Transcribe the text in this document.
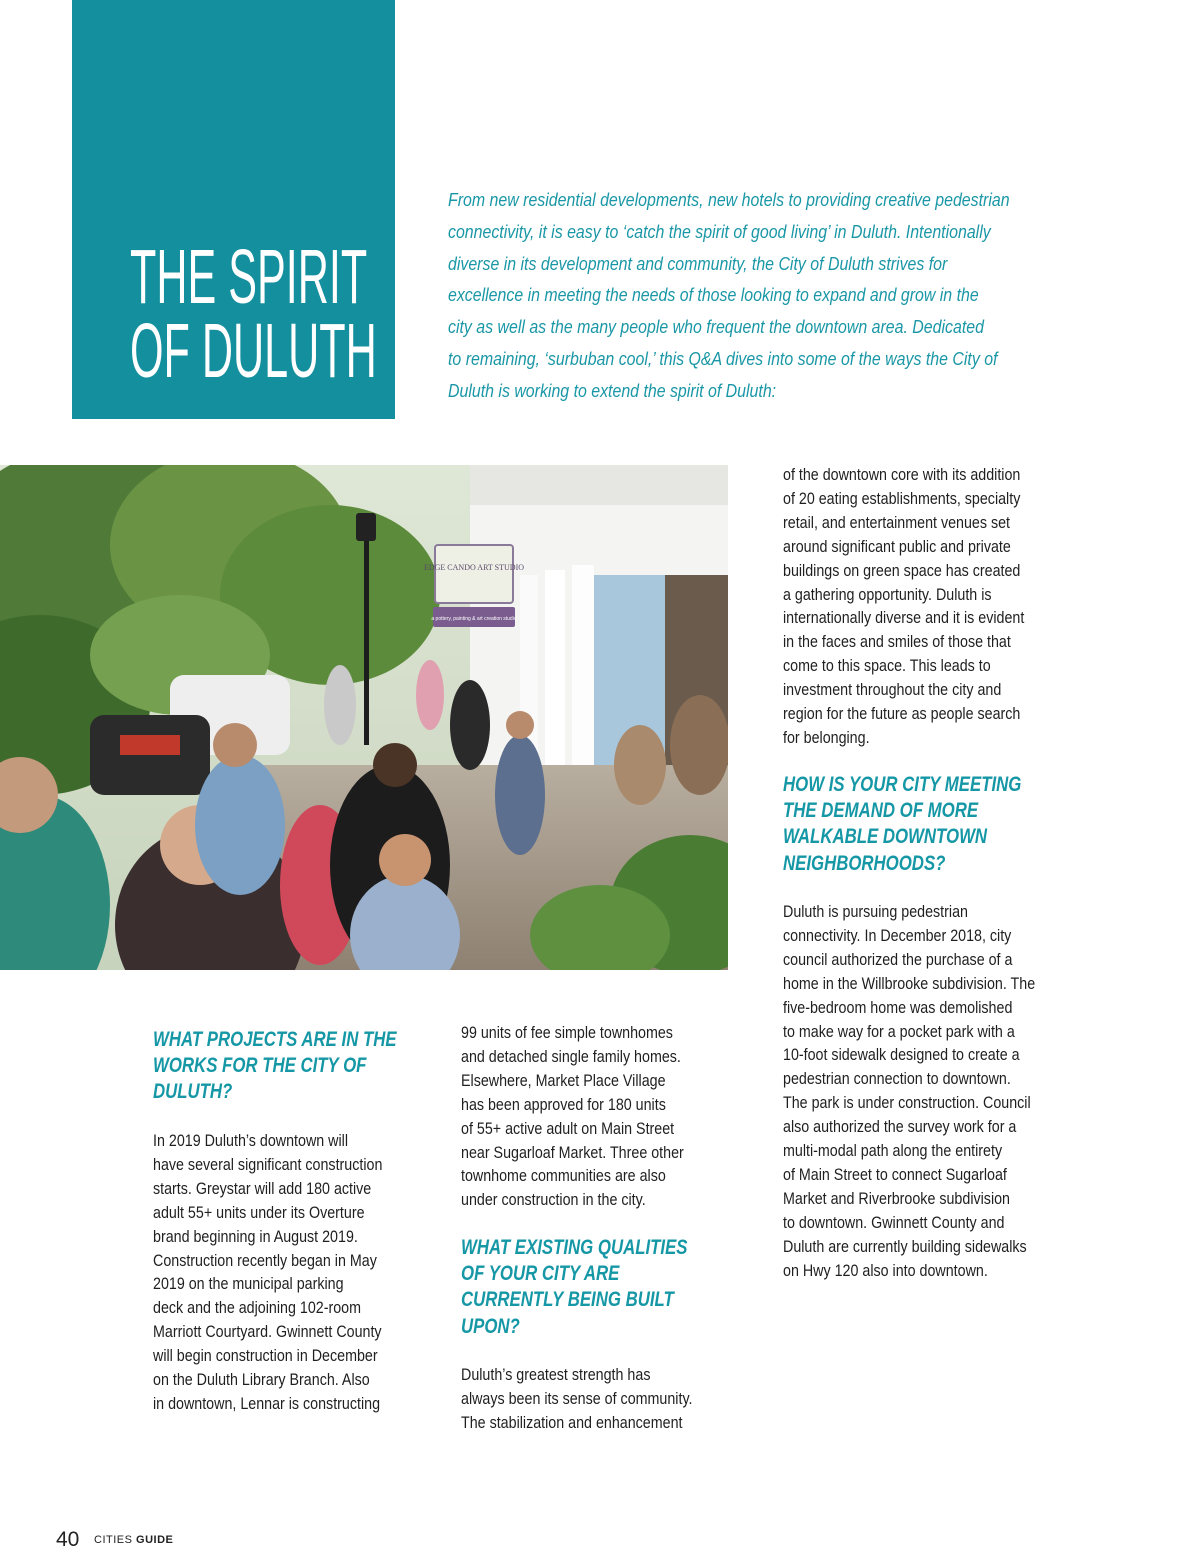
THE SPIRIT
OF DULUTH
From new residential developments, new hotels to providing creative pedestrian
connectivity, it is easy to ‘catch the spirit of good living’ in Duluth. Intentionally
diverse in its development and community, the City of Duluth strives for
excellence in meeting the needs of those looking to expand and grow in the
city as well as the many people who frequent the downtown area. Dedicated
to remaining, ‘surbuban cool,’ this Q&A dives into some of the ways the City of
Duluth is working to extend the spirit of Duluth:
EDGE CANDO ART STUDIO
a pottery, painting & art creation studio
WHAT PROJECTS ARE IN THE
WORKS FOR THE CITY OF
DULUTH?
In 2019 Duluth’s downtown will
have several significant construction
starts. Greystar will add 180 active
adult 55+ units under its Overture
brand beginning in August 2019.
Construction recently began in May
2019 on the municipal parking
deck and the adjoining 102-room
Marriott Courtyard. Gwinnett County
will begin construction in December
on the Duluth Library Branch. Also
in downtown, Lennar is constructing
99 units of fee simple townhomes
and detached single family homes.
Elsewhere, Market Place Village
has been approved for 180 units
of 55+ active adult on Main Street
near Sugarloaf Market. Three other
townhome communities are also
under construction in the city.
WHAT EXISTING QUALITIES
OF YOUR CITY ARE
CURRENTLY BEING BUILT
UPON?
Duluth’s greatest strength has
always been its sense of community.
The stabilization and enhancement
of the downtown core with its addition
of 20 eating establishments, specialty
retail, and entertainment venues set
around significant public and private
buildings on green space has created
a gathering opportunity. Duluth is
internationally diverse and it is evident
in the faces and smiles of those that
come to this space. This leads to
investment throughout the city and
region for the future as people search
for belonging.
HOW IS YOUR CITY MEETING
THE DEMAND OF MORE
WALKABLE DOWNTOWN
NEIGHBORHOODS?
Duluth is pursuing pedestrian
connectivity. In December 2018, city
council authorized the purchase of a
home in the Willbrooke subdivision. The
five-bedroom home was demolished
to make way for a pocket park with a
10-foot sidewalk designed to create a
pedestrian connection to downtown.
The park is under construction. Council
also authorized the survey work for a
multi-modal path along the entirety
of Main Street to connect Sugarloaf
Market and Riverbrooke subdivision
to downtown. Gwinnett County and
Duluth are currently building sidewalks
on Hwy 120 also into downtown.
40 CITIES GUIDE
